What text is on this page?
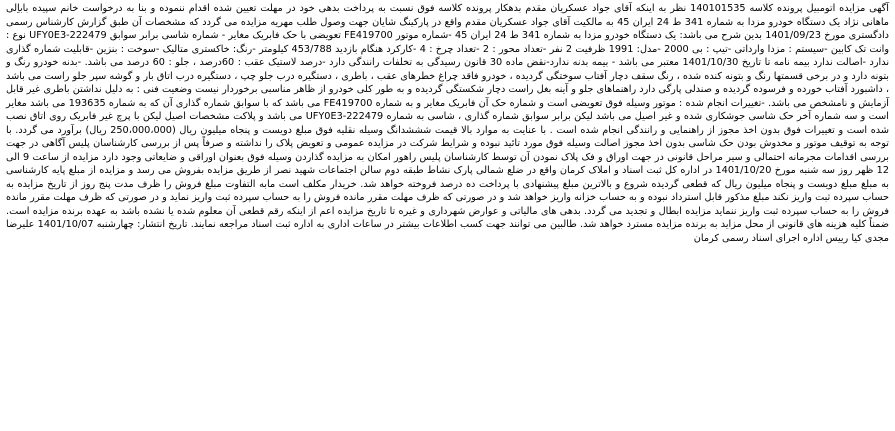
آگهی مزایده اتومبیل پرونده کلاسه 140101535 نظر به اینکه آقای جواد عسکریان مقدم بدهکار پرونده کلاسه فوق نسبت به پرداخت بدهی خود در مهلت تعیین شده اقدام ننموده و بنا به درخواست خانم سپیده باباِلی ماهانی نژاد یک دستگاه خودرو مزدا به شماره 341 ط 24 ایران 45 به مالکیت آقای جواد عسکریان مقدم واقع در پارکینگ شایان جهت وصول طلب مهریه مزایده می گردد که مشخصات آن طبق گزارش کارشناس رسمی دادگستری مورخ 1401/09/23 بدین شرح می باشد: یک دستگاه خودرو مزدا به شماره 341 ط 24 ایران 45 -شماره موتور FE419700 تعویضی با حک فابریک مغایر - شماره شاسی برابر سوابق UFY0E3-222479 نوع : وانت تک کابین -سیستم : مزدا وارداتی -تیپ : بی 2000 -مدل: 1991 ظرفیت 2 نفر -تعداد محور : 2 -تعداد چرخ : 4 -کارکرد هنگام بازدید 453/788 کیلومتر -رنگ: خاکستری متالیک -سوخت : بنزین -قابلیت شماره گذاری ندارد -اصالت ندارد بیمه نامه تا تاریخ 1401/10/30 معتبر می باشد - بیمه بدنه ندارد-نقض ماده 30 قانون رسیدگی به تخلفات رانندگی دارد -درصد لاستیک عقب : 60درصد ، جلو : 60 درصد می باشد. -بدنه خودرو رنگ و بتونه دارد و در برخی قسمتها رنگ و بتونه کنده شده ، رنگ سقف دچار آفتاب سوختگی گردیده ، خودرو فاقد چراغ خطرهای عقب ، باطری ، دستگیره درب جلو چپ ، دستگیره درب اتاق بار و گوشه سپر جلو راست می باشد ، داشبورد آفتاب خورده و فرسوده گردیده و صندلی پارگی دارد راهنماهای جلو و آینه بغل راست دچار شکستگی گردیده و به طور کلی خودرو از ظاهر مناسبی برخوردار نیست وضعیت فنی : به دلیل نداشتن باطری غیر قابل آزمایش و نامشخص می باشد. -تغییرات انجام شده : موتور وسیله فوق تعویضی است و شماره حک آن فابریک مغایر و به شماره FE419700 می باشد که با سوابق شماره گذاری آن که به شماره 193635 می باشد مغایر است و سه شماره آخر حک شاسی جوشکاری شده و غیر اصیل می باشد لیکن برابر سوابق شماره گذاری ، شاسی به شماره UFY0E3-222479 می باشد و پلاکت مشخصات اصیل لیکن با پرچ غیر فابریک روی اتاق نصب شده است و تغییرات فوق بدون اخذ مجوز از راهنمایی و رانندگی انجام شده است . با عنایت به موارد بالا قیمت شششدانگ وسیله نقلیه فوق مبلغ دویست و پنجاه میلیون ریال (250،000،000 ریال) برآورد می گردد. با توجه به توقیف موتور و مخدوش بودن حک شاسی بدون اخذ مجوز اصالت وسیله فوق مورد تائید نبوده و شرایط شرکت در مزایده عمومی و تعویض پلاک را نداشته و صرفاً پس از بررسی کارشناسان پلیس آگاهی در جهت بررسی اقدامات مجرمانه احتمالی و سیر مراحل قانونی در جهت اوراق و فک پلاک نمودن آن توسط کارشناسان پلیس راهور امکان به مزایده گذاردن وسیله فوق بعنوان اوراقی و ضایعاتی وجود دارد مزایده از ساعت 9 الی 12 ظهر روز سه شنبه مورخ 1401/10/20 در اداره کل ثبت اسناد و املاک کرمان واقع در ضلع شمالی پارک نشاط طبقه دوم سالن اجتماعات شهید نصر از طریق مزایده بفروش می رسد و مزایده از مبلغ پایه کارشناسی به مبلغ مبلغ دویست و پنجاه میلیون ریال که قطعی گردیده شروع و بالاترین مبلغ پیشنهادی با پرداخت ده درصد فروخته خواهد شد. خریدار مکلف است مابه التفاوت مبلغ فروش را ظرف مدت پنج روز از تاریخ مزایده به حساب سپرده ثبت واریز نکند مبلغ مذکور قابل استرداد نبوده و به حساب خزانه واریز خواهد شد و در صورتی که ظرف مهلت مقرر مانده فروش را به حساب سپرده ثبت واریز نماید و در صورتی که ظرف مهلت مقرر مانده فروش را به حساب سپرده ثبت واریز ننماید مزایده ابطال و تجدید می گردد. بدهی های مالیاتی و عوارض شهرداری و غیره تا تاریخ مزایده اعم از اینکه رقم قطعی آن معلوم شده یا نشده باشد به عهده برنده مزایده است. ضمناً کلیه هزینه های قانونی از محل مزاید به برنده مزایده مسترد خواهد شد. طالبین می توانند جهت کسب اطلاعات بیشتر در ساعات اداری به اداره ثبت اسناد مراجعه نمایند. تاریخ انتشار: چهارشنبه 1401/10/07 علیرضا مجدی کیا رییس اداره اجرای اسناد رسمی کرمان
